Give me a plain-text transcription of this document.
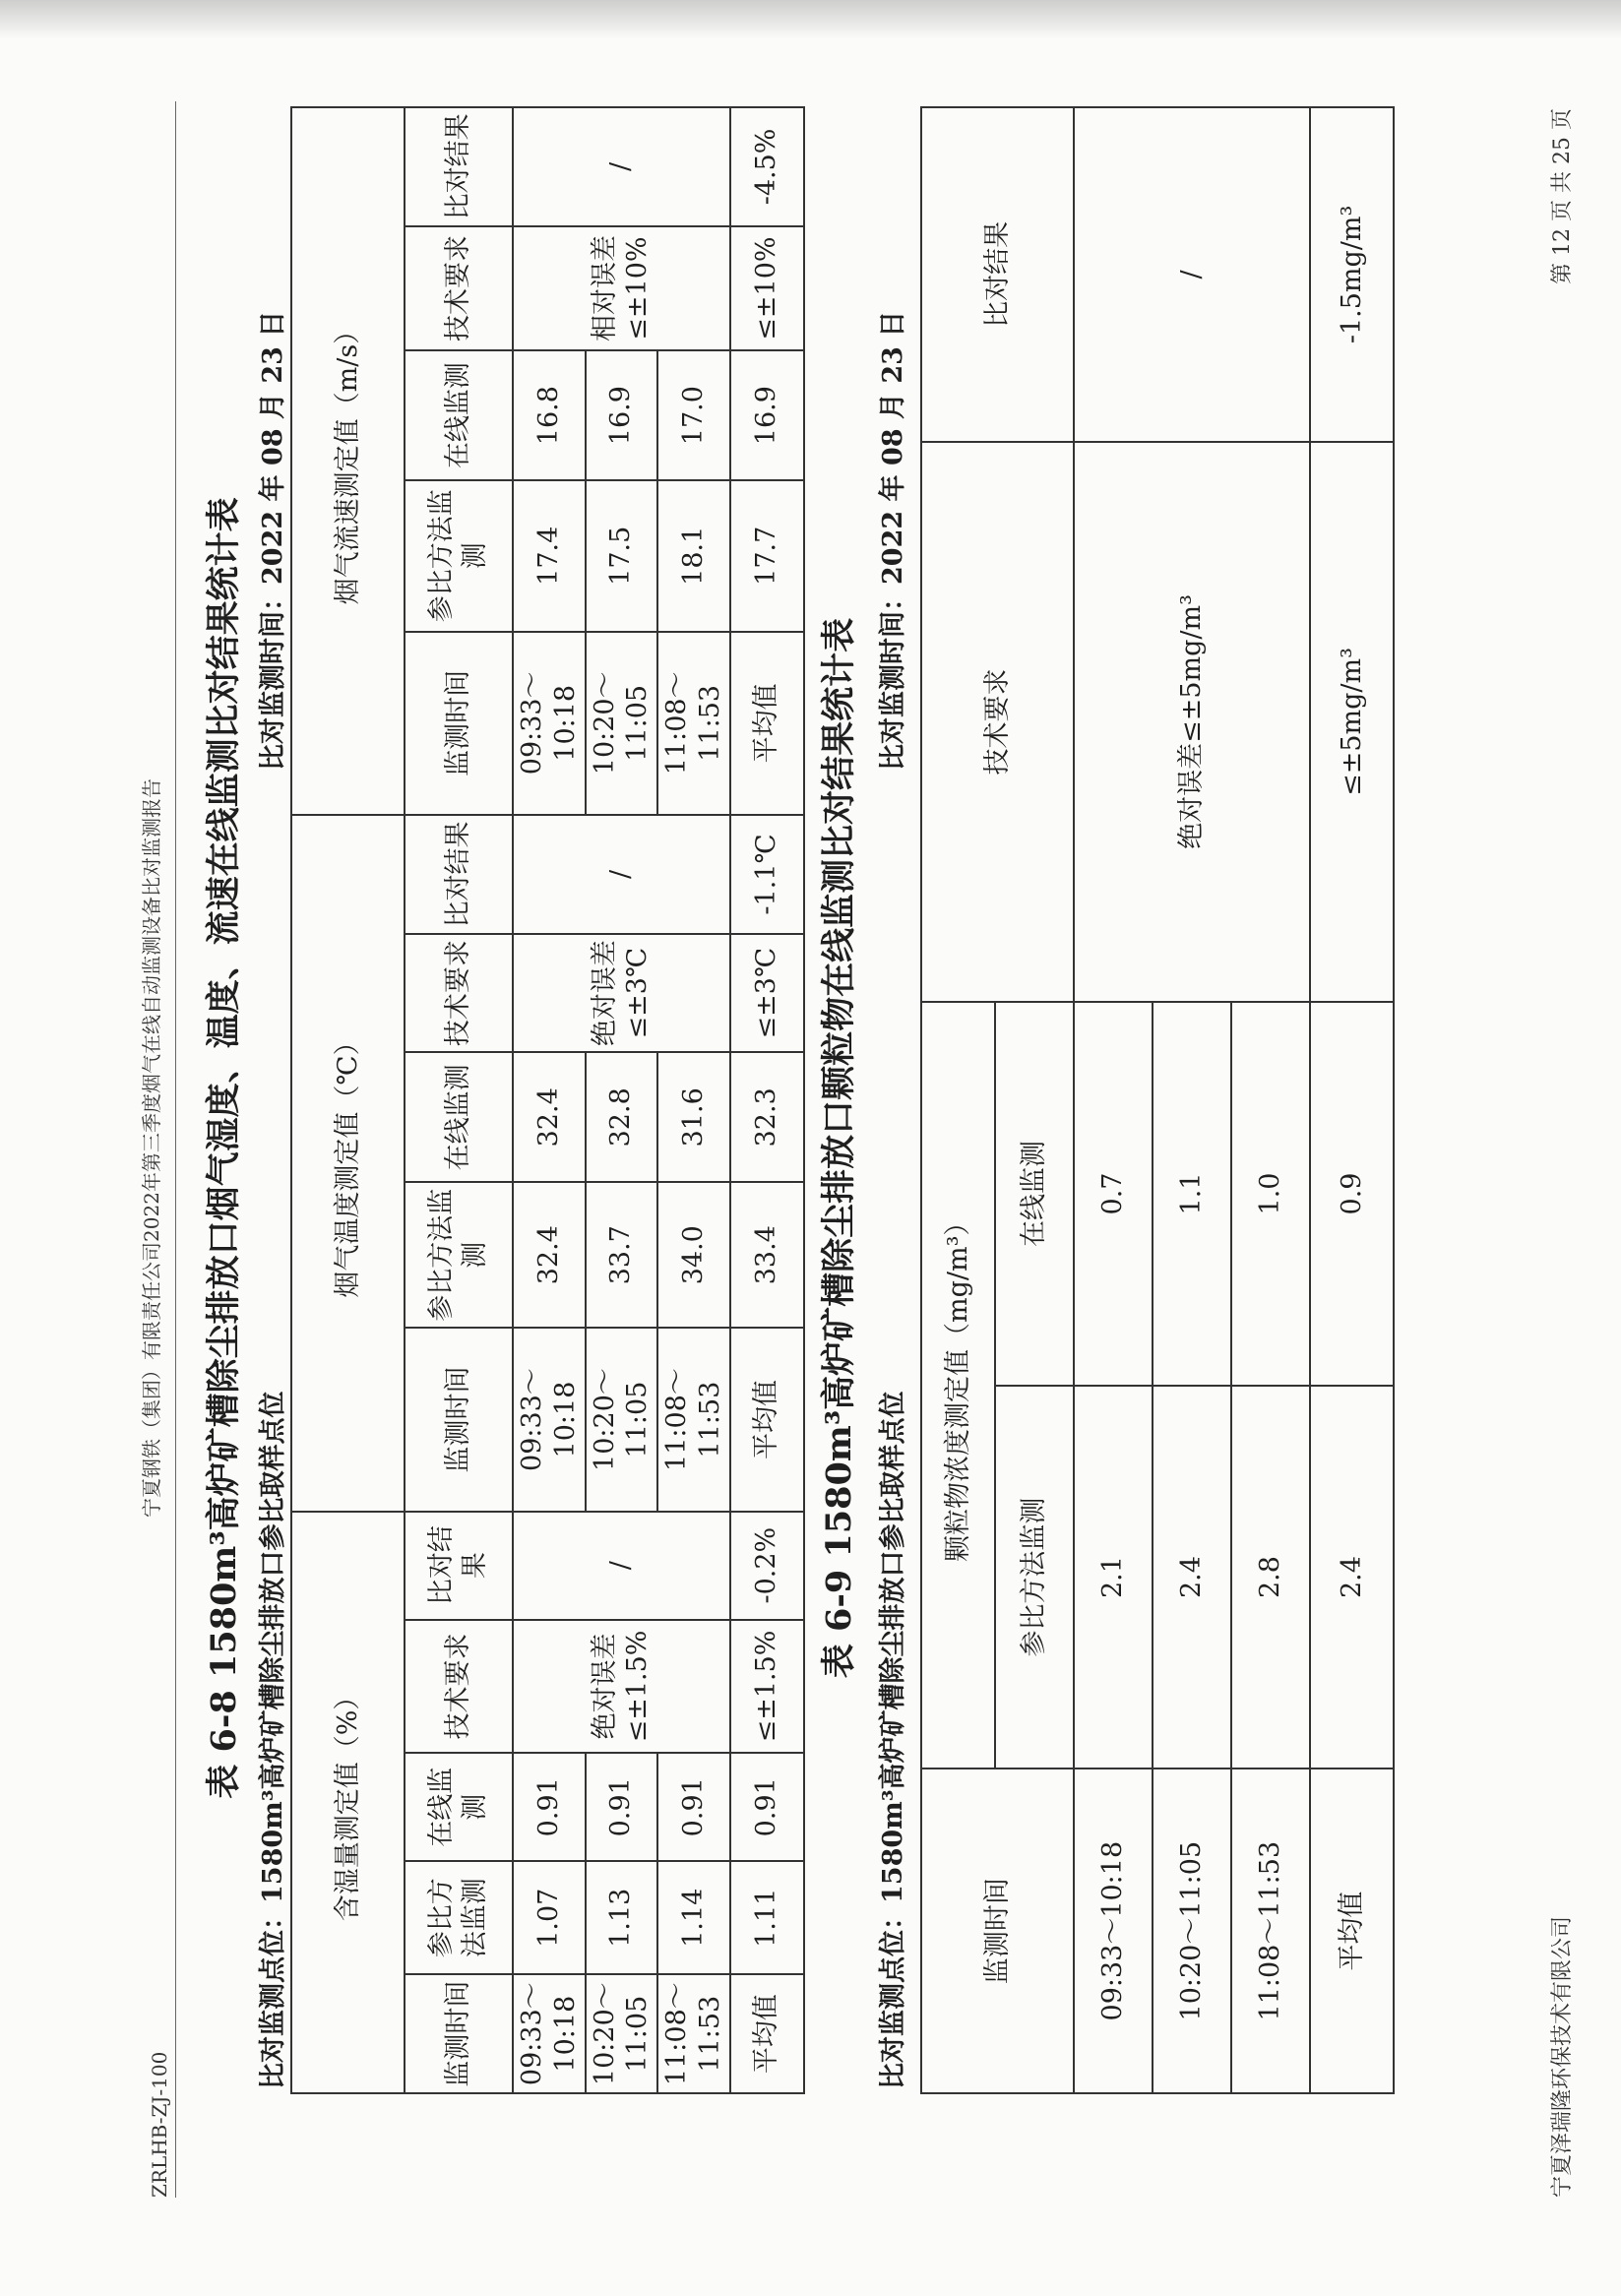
ZRLHB-ZJ-100
宁夏钢铁（集团）有限责任公司2022年第三季度烟气在线自动监测设备比对监测报告 表 6-8 1580m³高炉矿槽除尘排放口烟气湿度、温度、流速在线监测比对结果统计表 比对监测点位：1580m³高炉矿槽除尘排放口参比取样点位
比对监测时间：2022 年 08 月 23 日
含湿量测定值（%）					烟气温度测定值（℃）					烟气流速测定值（m/s）				
监测时间	参比方法监测	在线监测	技术要求	比对结果	监测时间	参比方法监测	在线监测	技术要求	比对结果	监测时间	参比方法监测	在线监测	技术要求	比对结果
09:33～10:18	1.07	0.91	绝对误差≤±1.5%	/	09:33～10:18	32.4	32.4	绝对误差≤±3℃	/	09:33～10:18	17.4	16.8	相对误差≤±10%	/
10:20～11:05	1.13	0.91			10:20～11:05	33.7	32.8			10:20～11:05	17.5	16.9		
11:08～11:53	1.14	0.91			11:08～11:53	34.0	31.6			11:08～11:53	18.1	17.0		
平均值	1.11	0.91	≤±1.5%	-0.2%	平均值	33.4	32.3	≤±3℃	-1.1℃	平均值	17.7	16.9	≤±10%	-4.5%
表 6-9 1580m³高炉矿槽除尘排放口颗粒物在线监测比对结果统计表
比对监测点位：1580m³高炉矿槽除尘排放口参比取样点位
比对监测时间：2022 年 08 月 23 日
监测时间	颗粒物浓度测定值（mg/m³）		技术要求	比对结果
	参比方法监测	在线监测		
09:33～10:18	2.1	0.7	绝对误差≤±5mg/m³	/
10:20～11:05	2.4	1.1		
11:08～11:53	2.8	1.0		
平均值	2.4	0.9	≤±5mg/m³	-1.5mg/m³
宁夏泽瑞隆环保技术有限公司
第 12 页 共 25 页
